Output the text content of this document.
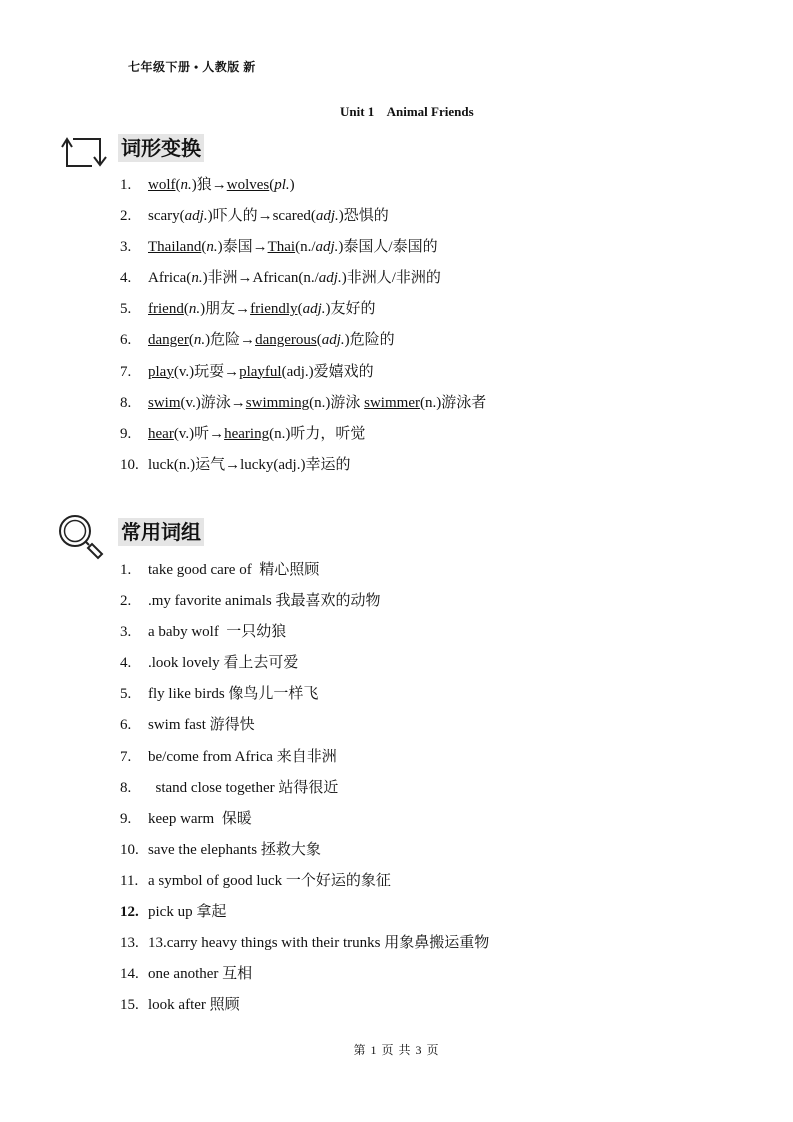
七年级下册 • 人教版 新
Unit 1    Animal Friends
词形变换
1. wolf(n.)狼→wolves(pl.)
2. scary(adj.)吓人的→scared(adj.)恐惧的
3. Thailand(n.)泰国→Thai(n./adj.)泰国人/泰国的
4. Africa(n.)非洲→African(n./adj.)非洲人/非洲的
5. friend(n.)朋友→friendly(adj.)友好的
6. danger(n.)危险→dangerous(adj.)危险的
7. play(v.)玩耍→playful(adj.)爱嬉戏的
8. swim(v.)游泳→swimming(n.)游泳 swimmer(n.)游泳者
9. hear(v.)听→hearing(n.)听力，听觉
10. luck(n.)运气→lucky(adj.)幸运的
常用词组
1. take good care of  精心照顾
2. .my favorite animals 我最喜欢的动物
3. a baby wolf  一只幼狼
4. .look lovely 看上去可爱
5. fly like birds 像鸟儿一样飞
6. swim fast 游得快
7. be/come from Africa 来自非洲
8.  stand close together 站得很近
9. keep warm  保暖
10. save the elephants 拯救大象
11. a symbol of good luck 一个好运的象征
12. pick up 拿起
13. 13.carry heavy things with their trunks 用象鼻搬运重物
14. one another 互相
15. look after 照顾
第 1 页 共 3 页
